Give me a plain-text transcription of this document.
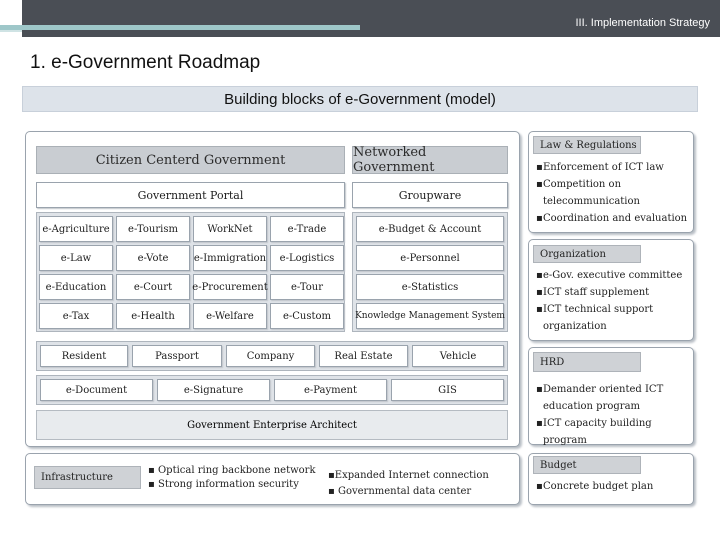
III. Implementation Strategy
1. e-Government Roadmap
Building blocks of e-Government (model)
Citizen Centerd Government	Networked Government
Government Portal	Groupware
e-Agriculture	e-Tourism	WorkNet	e-Trade
e-Law	e-Vote	e-Immigration	e-Logistics
e-Education	e-Court	e-Procurement	e-Tour
e-Tax	e-Health	e-Welfare	e-Custom
e-Budget & Account
e-Personnel
e-Statistics
Knowledge Management System
Resident	Passport	Company	Real Estate	Vehicle
e-Document	e-Signature	e-Payment	GIS
Government Enterprise Architect
Infrastructure
▪ Optical ring backbone network
▪ Strong information security
▪Expanded Internet connection
▪ Governmental data center
Law & Regulations
▪Enforcement of ICT law
▪Competition on telecommunication
▪Coordination and evaluation
Organization
▪e-Gov. executive committee
▪ICT staff supplement
▪ICT technical support organization
HRD
▪Demander oriented ICT education program
▪ICT capacity building program
Budget
▪Concrete budget plan
